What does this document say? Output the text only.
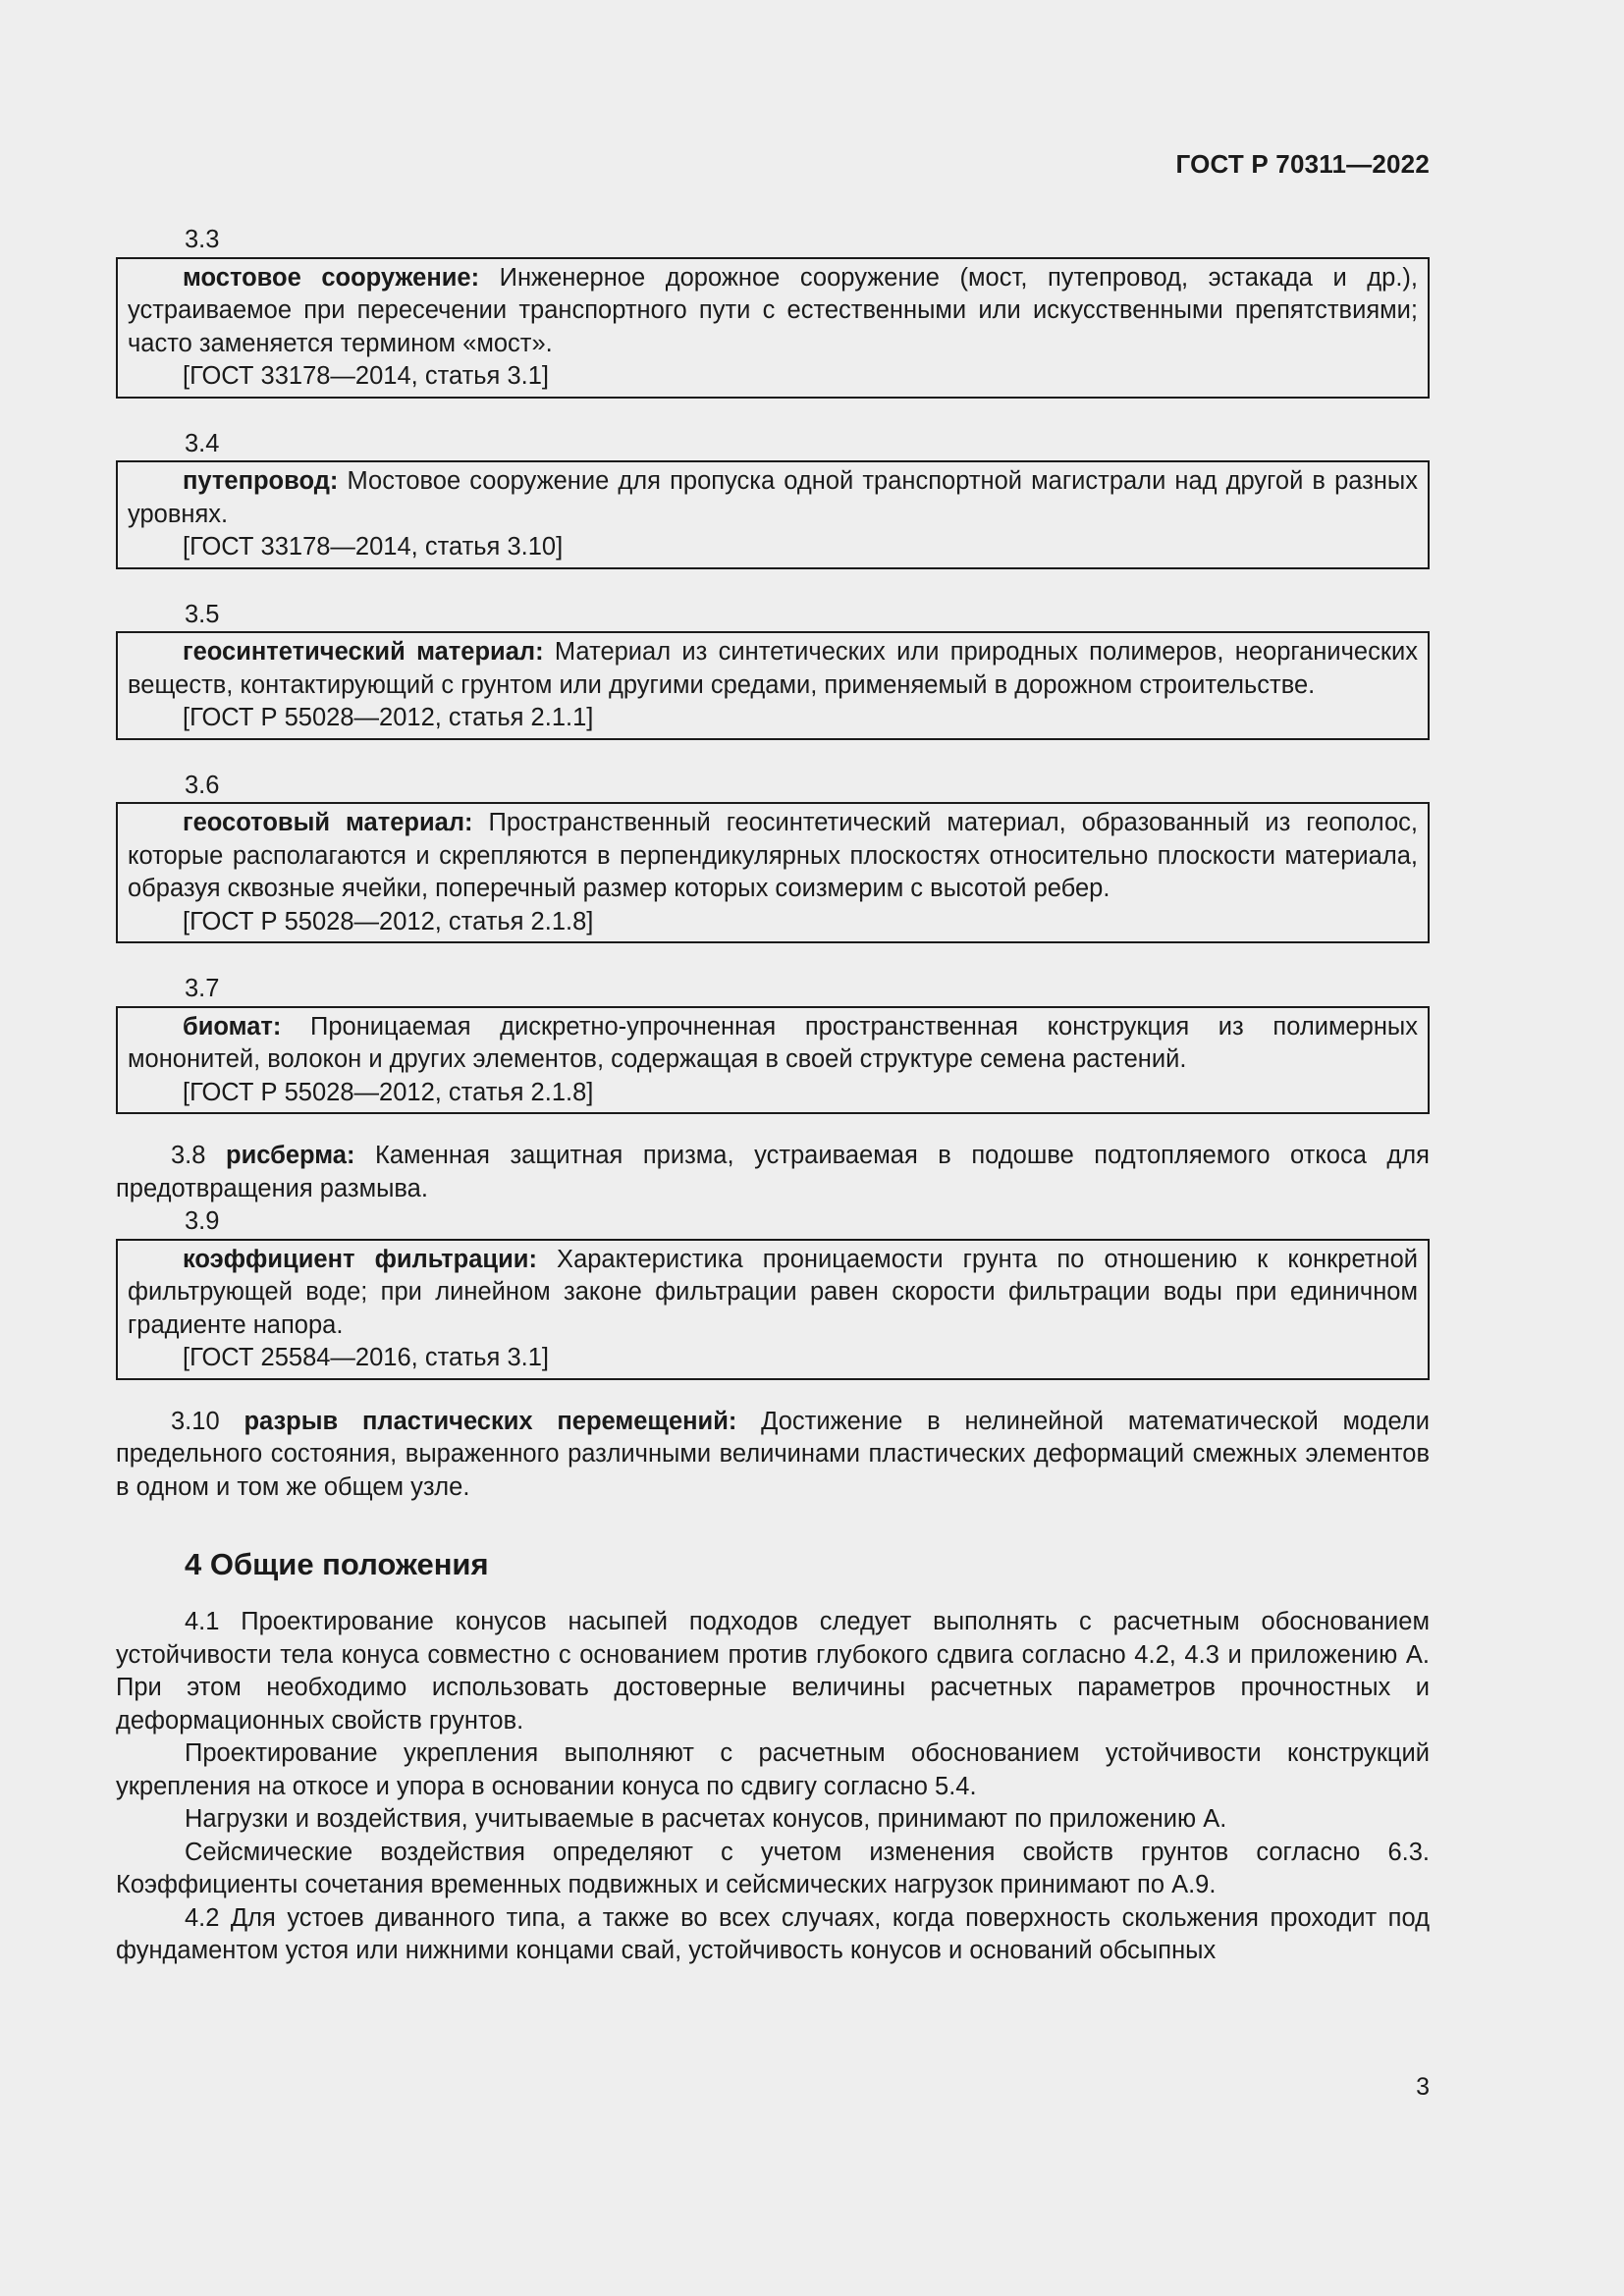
ГОСТ Р 70311—2022
3.3

мостовое сооружение: Инженерное дорожное сооружение (мост, путепровод, эстакада и др.), устраиваемое при пересечении транспортного пути с естественными или искусственными препятствиями; часто заменяется термином «мост».

[ГОСТ 33178—2014, статья 3.1]

3.4

путепровод: Мостовое сооружение для пропуска одной транспортной магистрали над другой в разных уровнях.

[ГОСТ 33178—2014, статья 3.10]

3.5

геосинтетический материал: Материал из синтетических или природных полимеров, неорганических веществ, контактирующий с грунтом или другими средами, применяемый в дорожном строительстве.

[ГОСТ Р 55028—2012, статья 2.1.1]

3.6

геосотовый материал: Пространственный геосинтетический материал, образованный из геополос, которые располагаются и скрепляются в перпендикулярных плоскостях относительно плоскости материала, образуя сквозные ячейки, поперечный размер которых соизмерим с высотой ребер.

[ГОСТ Р 55028—2012, статья 2.1.8]

3.7

биомат: Проницаемая дискретно-упрочненная пространственная конструкция из полимерных мононитей, волокон и других элементов, содержащая в своей структуре семена растений.

[ГОСТ Р 55028—2012, статья 2.1.8]

3.8 рисберма: Каменная защитная призма, устраиваемая в подошве подтопляемого откоса для предотвращения размыва.

3.9

коэффициент фильтрации: Характеристика проницаемости грунта по отношению к конкретной фильтрующей воде; при линейном законе фильтрации равен скорости фильтрации воды при единичном градиенте напора.

[ГОСТ 25584—2016, статья 3.1]

3.10 разрыв пластических перемещений: Достижение в нелинейной математической модели предельного состояния, выраженного различными величинами пластических деформаций смежных элементов в одном и том же общем узле.

4 Общие положения

4.1 Проектирование конусов насыпей подходов следует выполнять с расчетным обоснованием устойчивости тела конуса совместно с основанием против глубокого сдвига согласно 4.2, 4.3 и приложению А. При этом необходимо использовать достоверные величины расчетных параметров прочностных и деформационных свойств грунтов.

Проектирование укрепления выполняют с расчетным обоснованием устойчивости конструкций укрепления на откосе и упора в основании конуса по сдвигу согласно 5.4.

Нагрузки и воздействия, учитываемые в расчетах конусов, принимают по приложению А.

Сейсмические воздействия определяют с учетом изменения свойств грунтов согласно 6.3. Коэффициенты сочетания временных подвижных и сейсмических нагрузок принимают по А.9.

4.2 Для устоев диванного типа, а также во всех случаях, когда поверхность скольжения проходит под фундаментом устоя или нижними концами свай, устойчивость конусов и оснований обсыпных

3
